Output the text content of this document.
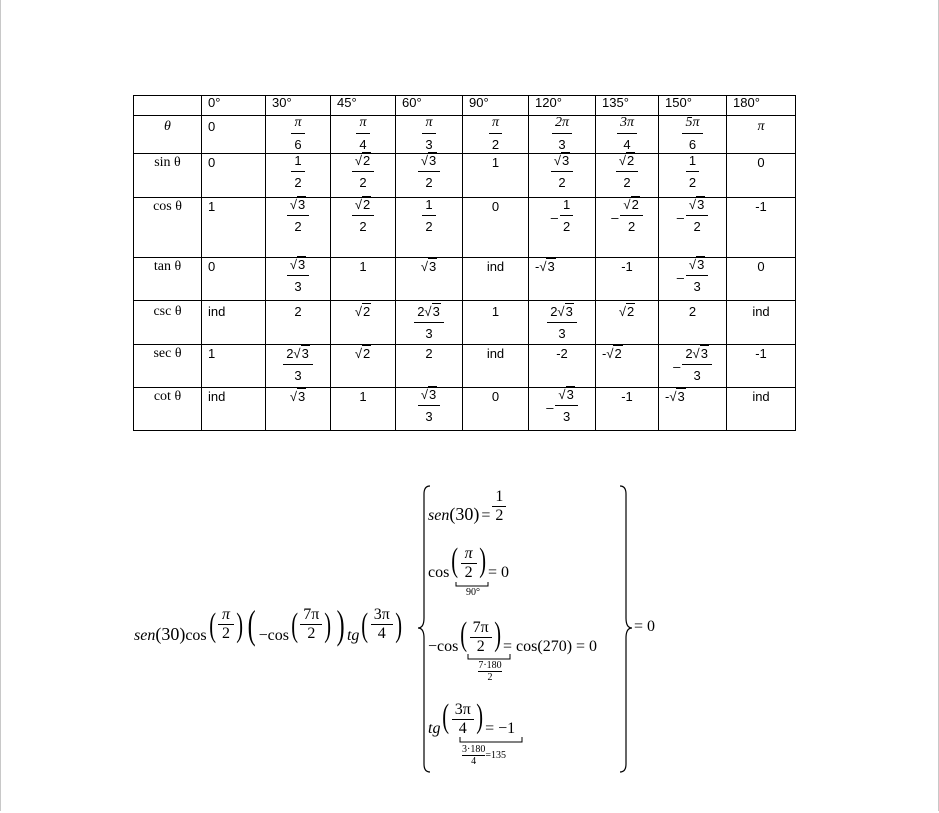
	0°	30°	45°	60°	90°	120°	135°	150°	180°

θ	0	$\frac{\pi}{6}$	$\frac{\pi}{4}$	$\frac{\pi}{3}$	$\frac{\pi}{2}$	$\frac{2\pi}{3}$	$\frac{3\pi}{4}$	$\frac{5\pi}{6}$	π

sin θ	0	$\frac{1}{2}$	$\frac{√2}{2}$	$\frac{√3}{2}$	1	$\frac{√3}{2}$	$\frac{√2}{2}$	$\frac{1}{2}$	0

cos θ	1	$\frac{√3}{2}$	$\frac{√2}{2}$	$\frac{1}{2}$	0	– $\frac{1}{2}$	– $\frac{√2}{2}$	– $\frac{√3}{2}$	-1

tan θ	0	$\frac{√3}{3}$	1	√3	ind	-√3	-1	– $\frac{√3}{3}$	0

csc θ	ind	2	√2	$\frac{2√3}{3}$	1	$\frac{2√3}{3}$	√2	2	ind

sec θ	1	$\frac{2√3}{3}$	√2	2	ind	-2	-√2	– $\frac{2√3}{3}$	-1

cot θ	ind	√3	1	$\frac{√3}{3}$	0	– $\frac{√3}{3}$	-1	-√3	ind
$sen(30)\cos( \frac{\pi}{2}$ ) ( $-\cos( \frac{7\pi}{2}$ ) ) $tg( \frac{3\pi}{4}$ )
$sen(30) = \frac{1}{2}$
$\cos( \frac{\pi}{2}$ ) = 0
90°
$-\cos( \frac{7\pi}{2}$ ) = cos(270) = 0
7·180
2
$tg( \frac{3\pi}{4}$ ) = −1
$\frac{3\cdot 180}{4} =135$
= 0
